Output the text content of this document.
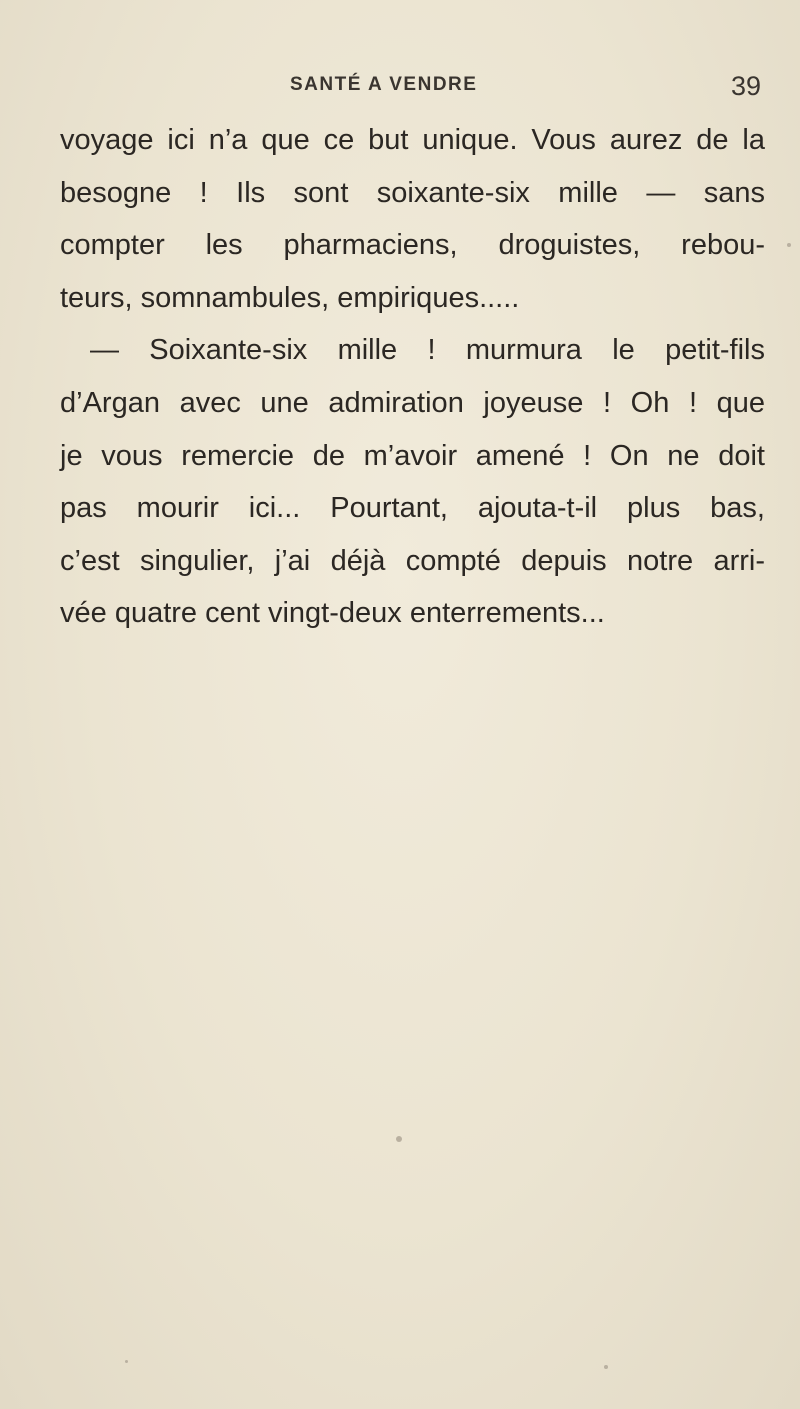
SANTÉ A VENDRE	39
voyage ici n’a que ce but unique. Vous aurez de la
besogne ! Ils sont soixante-six mille — sans
compter les pharmaciens, droguistes, rebou-
teurs, somnambules, empiriques.....
— Soixante-six mille ! murmura le petit-fils
d’Argan avec une admiration joyeuse ! Oh ! que
je vous remercie de m’avoir amené ! On ne doit
pas mourir ici... Pourtant, ajouta-t-il plus bas,
c’est singulier, j’ai déjà compté depuis notre arri-
vée quatre cent vingt-deux enterrements...
